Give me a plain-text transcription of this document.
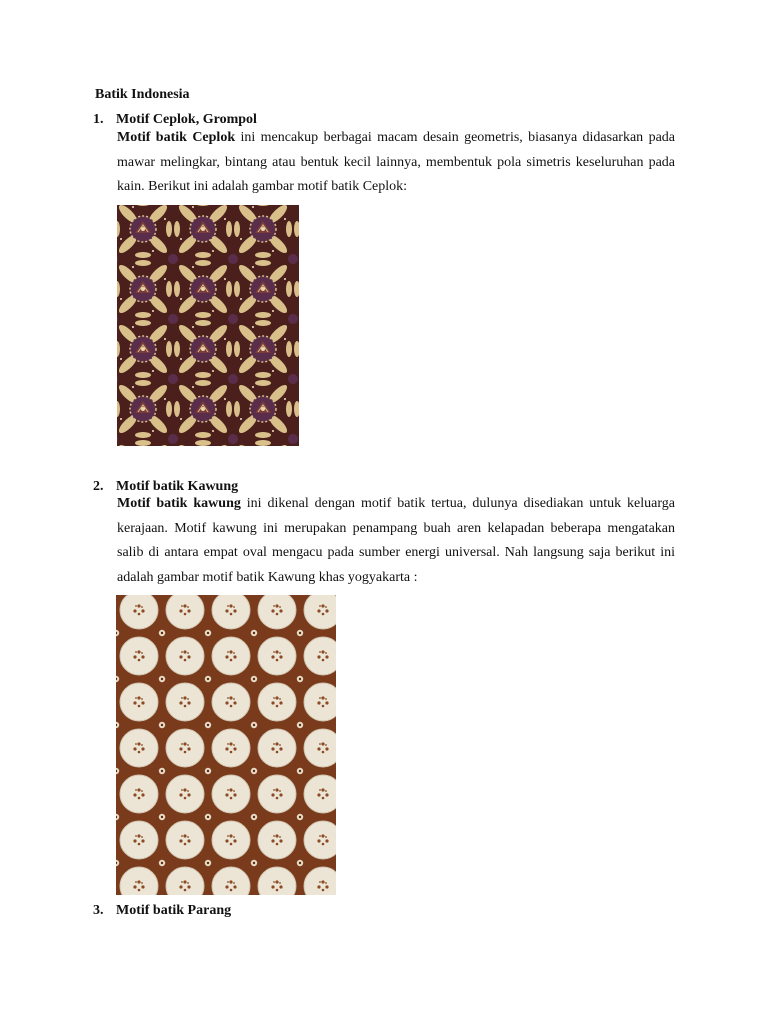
Batik Indonesia
1. Motif Ceplok, Grompol

Motif batik Ceplok ini mencakup berbagai macam desain geometris, biasanya didasarkan pada mawar melingkar, bintang atau bentuk kecil lainnya, membentuk pola simetris keseluruhan pada kain. Berikut ini adalah gambar motif batik Ceplok:

2. Motif batik Kawung

Motif batik kawung ini dikenal dengan motif batik tertua, dulunya disediakan untuk keluarga kerajaan. Motif kawung ini merupakan penampang buah aren kelapadan beberapa mengatakan salib di antara empat oval mengacu pada sumber energi universal. Nah langsung saja berikut ini adalah gambar motif batik Kawung khas yogyakarta :

3. Motif batik Parang
